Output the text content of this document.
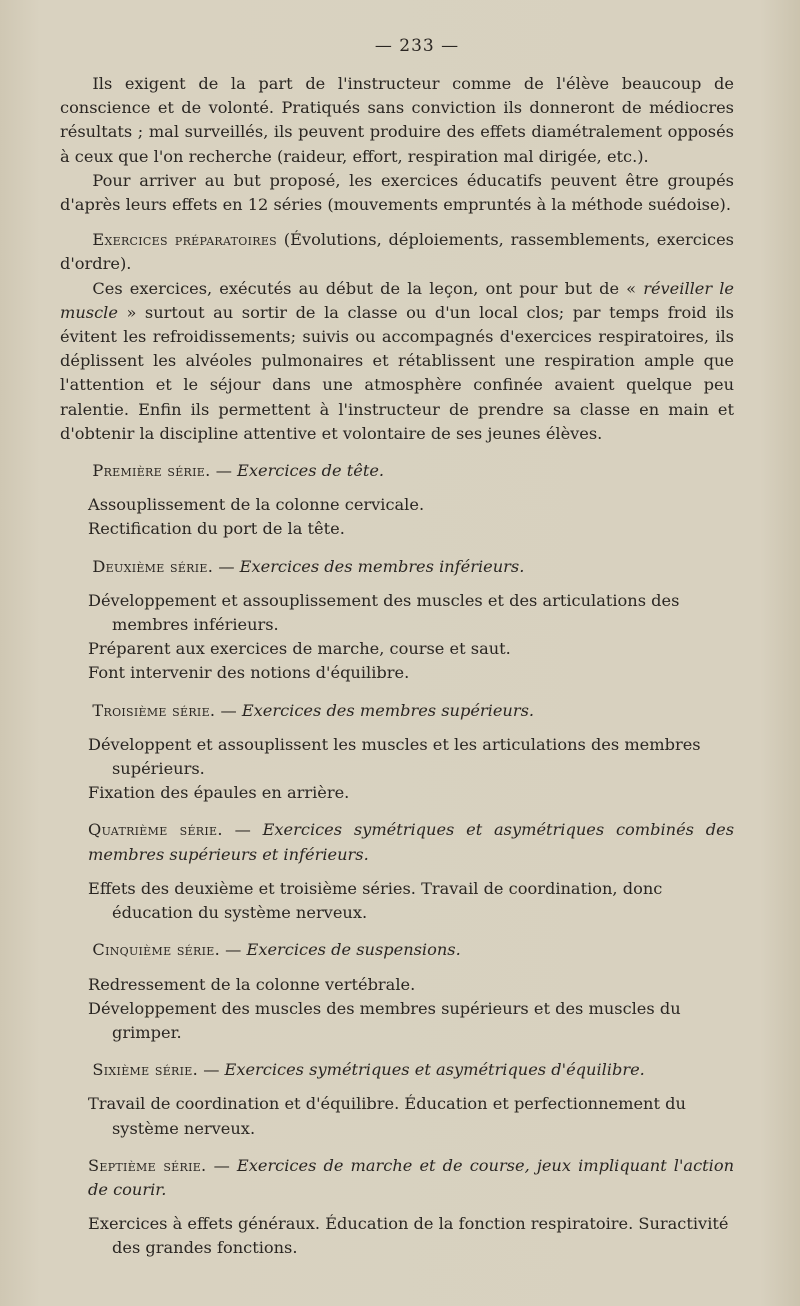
— 233 —

Ils exigent de la part de l'instructeur comme de l'élève beaucoup de conscience et de volonté. Pratiqués sans conviction ils donneront de médiocres résultats ; mal surveillés, ils peuvent produire des effets diamétralement opposés à ceux que l'on recherche (raideur, effort, respiration mal dirigée, etc.).

Pour arriver au but proposé, les exercices éducatifs peuvent être groupés d'après leurs effets en 12 séries (mouvements empruntés à la méthode suédoise).

Exercices préparatoires (Évolutions, déploiements, rassemblements, exercices d'ordre).

Ces exercices, exécutés au début de la leçon, ont pour but de « réveiller le muscle » surtout au sortir de la classe ou d'un local clos; par temps froid ils évitent les refroidissements; suivis ou accompagnés d'exercices respiratoires, ils déplissent les alvéoles pulmonaires et rétablissent une respiration ample que l'attention et le séjour dans une atmosphère confinée avaient quelque peu ralentie. Enfin ils permettent à l'instructeur de prendre sa classe en main et d'obtenir la discipline attentive et volontaire de ses jeunes élèves.

Première série. — Exercices de tête.

Assouplissement de la colonne cervicale.

Rectification du port de la tête.

Deuxième série. — Exercices des membres inférieurs.

Développement et assouplissement des muscles et des articulations des membres inférieurs.

Préparent aux exercices de marche, course et saut.

Font intervenir des notions d'équilibre.

Troisième série. — Exercices des membres supérieurs.

Développent et assouplissent les muscles et les articulations des membres supérieurs.

Fixation des épaules en arrière.

Quatrième série. — Exercices symétriques et asymétriques combinés des membres supérieurs et inférieurs.

Effets des deuxième et troisième séries. Travail de coordination, donc éducation du système nerveux.

Cinquième série. — Exercices de suspensions.

Redressement de la colonne vertébrale.

Développement des muscles des membres supérieurs et des muscles du grimper.

Sixième série. — Exercices symétriques et asymétriques d'équilibre.

Travail de coordination et d'équilibre. Éducation et perfectionnement du système nerveux.

Septième série. — Exercices de marche et de course, jeux impliquant l'action de courir.

Exercices à effets généraux. Éducation de la fonction respiratoire. Suractivité des grandes fonctions.
